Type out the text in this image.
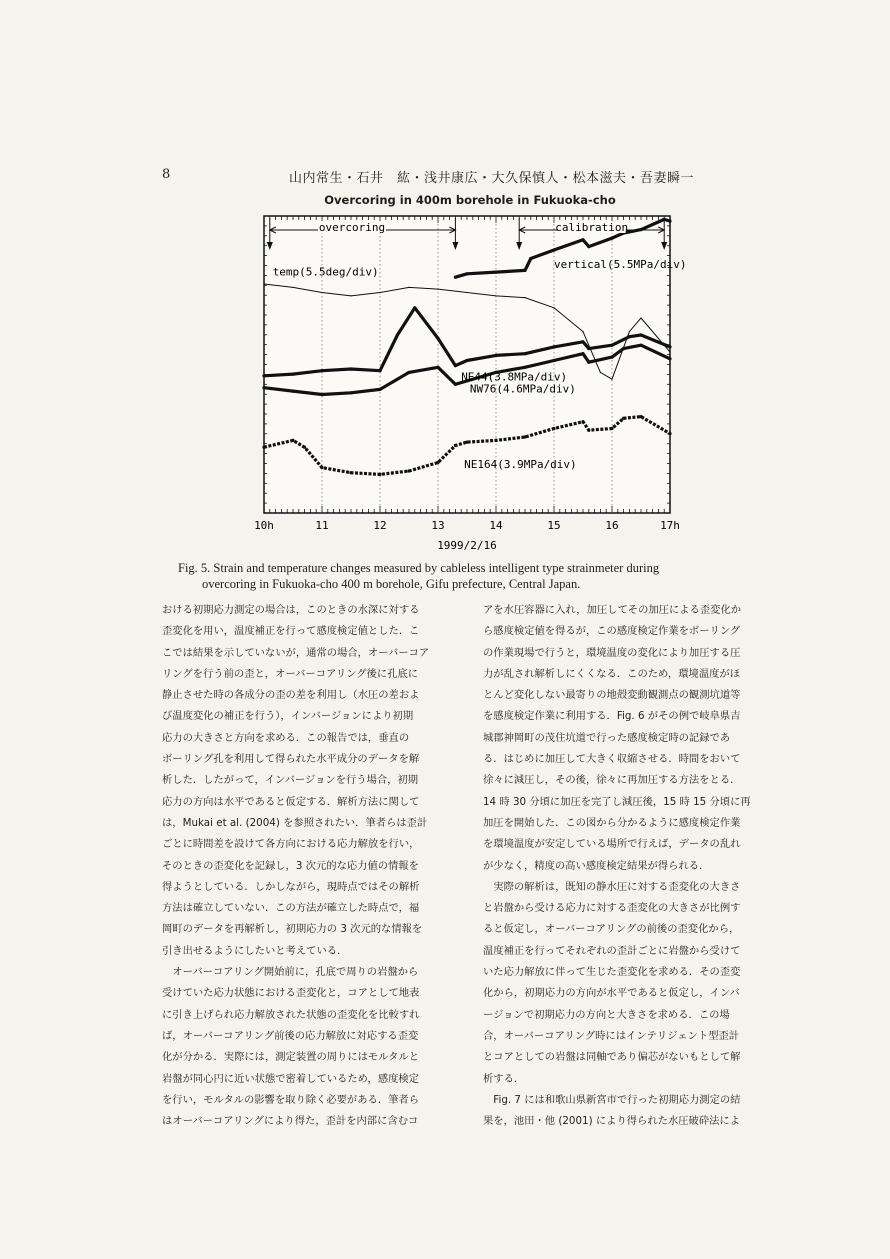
8	山内常生・石井　紘・浅井康広・大久保慎人・松本滋夫・吾妻瞬一
Overcoring in 400m borehole in Fukuoka-cho
10h	11	12	13	14	15	16	17h
1999/2/16
overcoring	calibration
vertical(5.5MPa/div)
temp(5.5deg/div)
NE44(3.8MPa/div)
NW76(4.6MPa/div)
NE164(3.9MPa/div)
Fig. 5. Strain and temperature changes measured by cableless intelligent type strainmeter during
overcoring in Fukuoka-cho 400 m borehole, Gifu prefecture, Central Japan.
おける初期応力測定の場合は，このときの水深に対する
歪変化を用い，温度補正を行って感度検定値とした．こ
こでは結果を示していないが，通常の場合，オーバーコア
リングを行う前の歪と，オーバーコアリング後に孔底に
静止させた時の各成分の歪の差を利用し（水圧の差およ
び温度変化の補正を行う），インバージョンにより初期
応力の大きさと方向を求める．この報告では，垂直の
ボーリング孔を利用して得られた水平成分のデータを解
析した．したがって，インバージョンを行う場合，初期
応力の方向は水平であると仮定する．解析方法に関して
は，Mukai et al. (2004) を参照されたい．筆者らは歪計
ごとに時間差を設けて各方向における応力解放を行い，
そのときの歪変化を記録し，3 次元的な応力値の情報を
得ようとしている．しかしながら，現時点ではその解析
方法は確立していない．この方法が確立した時点で，福
岡町のデータを再解析し，初期応力の 3 次元的な情報を
引き出せるようにしたいと考えている．
オーバーコアリング開始前に，孔底で周りの岩盤から
受けていた応力状態における歪変化と，コアとして地表
に引き上げられ応力解放された状態の歪変化を比較すれ
ば，オーバーコアリング前後の応力解放に対応する歪変
化が分かる．実際には，測定装置の周りにはモルタルと
岩盤が同心円に近い状態で密着しているため，感度検定
を行い，モルタルの影響を取り除く必要がある．筆者ら
はオーバーコアリングにより得た，歪計を内部に含むコ
アを水圧容器に入れ，加圧してその加圧による歪変化か
ら感度検定値を得るが，この感度検定作業をボーリング
の作業現場で行うと，環境温度の変化により加圧する圧
力が乱され解析しにくくなる．このため，環境温度がほ
とんど変化しない最寄りの地殻変動観測点の観測坑道等
を感度検定作業に利用する．Fig. 6 がその例で岐阜県吉
城郡神岡町の茂住坑道で行った感度検定時の記録であ
る．はじめに加圧して大きく収縮させる．時間をおいて
徐々に減圧し，その後，徐々に再加圧する方法をとる．
14 時 30 分頃に加圧を完了し減圧後，15 時 15 分頃に再
加圧を開始した．この図から分かるように感度検定作業
を環境温度が安定している場所で行えば，データの乱れ
が少なく，精度の高い感度検定結果が得られる．
実際の解析は，既知の静水圧に対する歪変化の大きさ
と岩盤から受ける応力に対する歪変化の大きさが比例す
ると仮定し，オーバーコアリングの前後の歪変化から，
温度補正を行ってそれぞれの歪計ごとに岩盤から受けて
いた応力解放に伴って生じた歪変化を求める．その歪変
化から，初期応力の方向が水平であると仮定し，インバ
ージョンで初期応力の方向と大きさを求める．この場
合，オーバーコアリング時にはインテリジェント型歪計
とコアとしての岩盤は同軸であり偏芯がないもとして解
析する．
Fig. 7 には和歌山県新宮市で行った初期応力測定の結
果を，池田・他 (2001) により得られた水圧破砕法によ
